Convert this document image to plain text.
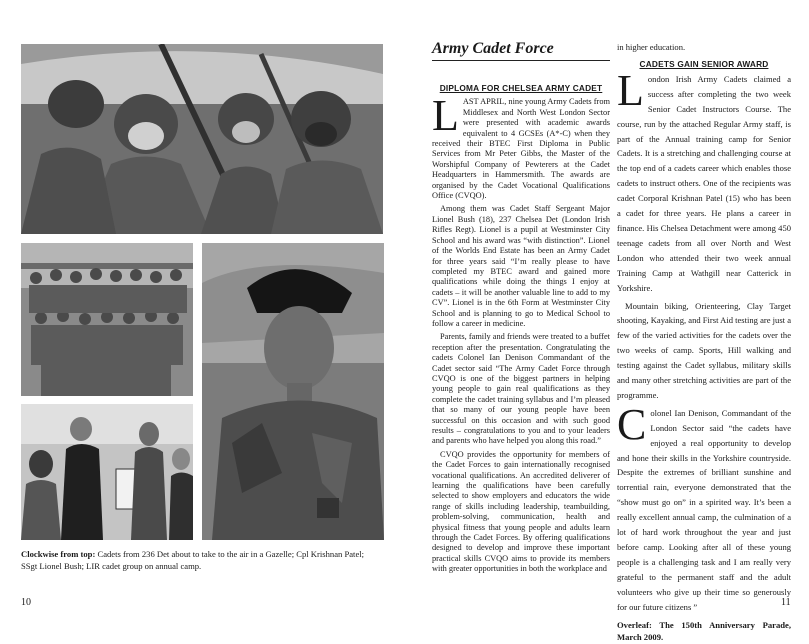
Clockwise from top: Cadets from 236 Det about to take to the air in a Gazelle; Cpl Krishnan Patel; SSgt Lionel Bush; LIR cadet group on annual camp.
10	11
Army Cadet Force
DIPLOMA FOR CHELSEA ARMY CADET

LAST APRIL, nine young Army Cadets from Middlesex and North West London Sector were presented with academic awards equivalent to 4 GCSEs (A*-C) when they received their BTEC First Diploma in Public Services from Mr Peter Gibbs, the Master of the Worshipful Company of Pewterers at the Cadet Headquarters in Hammersmith. The awards are organised by the Cadet Vocational Qualifications Office (CVQO).

Among them was Cadet Staff Sergeant Major Lionel Bush (18), 237 Chelsea Det (London Irish Rifles Regt). Lionel is a pupil at Westminster City School and his award was “with distinction”. Lionel of the Worlds End Estate has been an Army Cadet for three years said “I’m really please to have completed my BTEC award and gained more qualifications while doing the things I enjoy at cadets – it will be another valuable line to add to my CV”. Lionel is in the 6th Form at Westminster City School and is planning to go to Medical School to follow a career in medicine.

Parents, family and friends were treated to a buffet reception after the presentation. Congratulating the cadets Colonel Ian Denison Commandant of the Cadet sector said “The Army Cadet Force through CVQO is one of the biggest partners in helping young people to gain real qualifications as they complete the cadet training syllabus and I’m pleased that so many of our young people have been successful on this occasion and with such good results – congratulations to you and to your leaders and parents who have helped you along this road.”

CVQO provides the opportunity for members of the Cadet Forces to gain internationally recognised vocational qualifications. An accredited deliverer of learning the qualifications have been carefully selected to show employers and educators the wide range of skills including leadership, teambuilding, problem-solving, communication, health and physical fitness that young people and adults learn through the Cadet Forces. By offering qualifications designed to develop and improve these important practical skills CVQO aims to provide its members with greater opportunities in both the workplace and

in higher education.

CADETS GAIN SENIOR AWARD

London Irish Army Cadets claimed a success after completing the two week Senior Cadet Instructors Course. The course, run by the attached Regular Army staff, is part of the Annual training camp for Senior Cadets. It is a stretching and challenging course at the top end of a cadets career which enables those cadets to instruct others. One of the recipients was cadet Corporal Krishnan Patel (15) who has been a cadet for three years. He plans a career in finance. His Chelsea Detachment were among 450 teenage cadets from all over North and West London who attended their two week annual Training Camp at Wathgill near Catterick in Yorkshire.

Mountain biking, Orienteering, Clay Target shooting, Kayaking, and First Aid testing are just a few of the varied activities for the cadets over the two weeks of camp. Sports, Hill walking and testing against the Cadet syllabus, military skills and many other stretching activities are part of the programme.

Colonel Ian Denison, Commandant of the London Sector said “the cadets have enjoyed a real opportunity to develop and hone their skills in the Yorkshire countryside. Despite the extremes of brilliant sunshine and torrential rain, everyone demonstrated that the “show must go on” in a spirited way. It’s been a really excellent annual camp, the culmination of a lot of hard work throughout the year and just before camp. Looking after all of these young people is a challenging task and I am really very grateful to the permanent staff and the adult volunteers who give up their time so generously for our future citizens ”

Overleaf: The 150th Anniversary Parade, March 2009.
